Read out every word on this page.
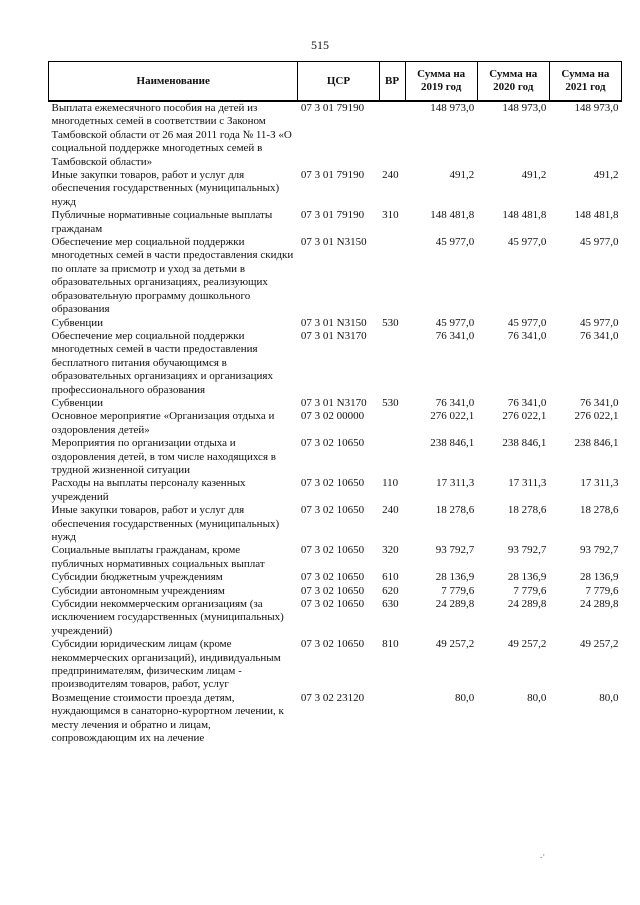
515
Наименование	ЦСР	ВР	Сумма на 2019 год	Сумма на 2020 год	Сумма на 2021 год
Выплата ежемесячного пособия на детей из многодетных семей в соответствии с Законом Тамбовской области от 26 мая 2011 года № 11-З «О социальной поддержке многодетных семей в Тамбовской области»	07 3 01 79190		148 973,0	148 973,0	148 973,0
Иные закупки товаров, работ и услуг для обеспечения государственных (муниципальных) нужд	07 3 01 79190	240	491,2	491,2	491,2
Публичные нормативные социальные выплаты гражданам	07 3 01 79190	310	148 481,8	148 481,8	148 481,8
Обеспечение мер социальной поддержки многодетных семей в части предоставления скидки по оплате за присмотр и уход за детьми в образовательных организациях, реализующих образовательную программу дошкольного образования	07 3 01 N3150		45 977,0	45 977,0	45 977,0
Субвенции	07 3 01 N3150	530	45 977,0	45 977,0	45 977,0
Обеспечение мер социальной поддержки многодетных семей в части предоставления бесплатного питания обучающимся в образовательных организациях и организациях профессионального образования	07 3 01 N3170		76 341,0	76 341,0	76 341,0
Субвенции	07 3 01 N3170	530	76 341,0	76 341,0	76 341,0
Основное мероприятие «Организация отдыха и оздоровления детей»	07 3 02 00000		276 022,1	276 022,1	276 022,1
Мероприятия по организации отдыха и оздоровления детей, в том числе находящихся в трудной жизненной ситуации	07 3 02 10650		238 846,1	238 846,1	238 846,1
Расходы на выплаты персоналу казенных учреждений	07 3 02 10650	110	17 311,3	17 311,3	17 311,3
Иные закупки товаров, работ и услуг для обеспечения государственных (муниципальных) нужд	07 3 02 10650	240	18 278,6	18 278,6	18 278,6
Социальные выплаты гражданам, кроме публичных нормативных социальных выплат	07 3 02 10650	320	93 792,7	93 792,7	93 792,7
Субсидии бюджетным учреждениям	07 3 02 10650	610	28 136,9	28 136,9	28 136,9
Субсидии автономным учреждениям	07 3 02 10650	620	7 779,6	7 779,6	7 779,6
Субсидии некоммерческим организациям (за исключением государственных (муниципальных) учреждений)	07 3 02 10650	630	24 289,8	24 289,8	24 289,8
Субсидии юридическим лицам (кроме некоммерческих организаций), индивидуальным предпринимателям, физическим лицам - производителям товаров, работ, услуг	07 3 02 10650	810	49 257,2	49 257,2	49 257,2
Возмещение стоимости проезда детям, нуждающимся в санаторно-курортном лечении, к месту лечения и обратно и лицам, сопровождающим их на лечение	07 3 02 23120		80,0	80,0	80,0
.·
